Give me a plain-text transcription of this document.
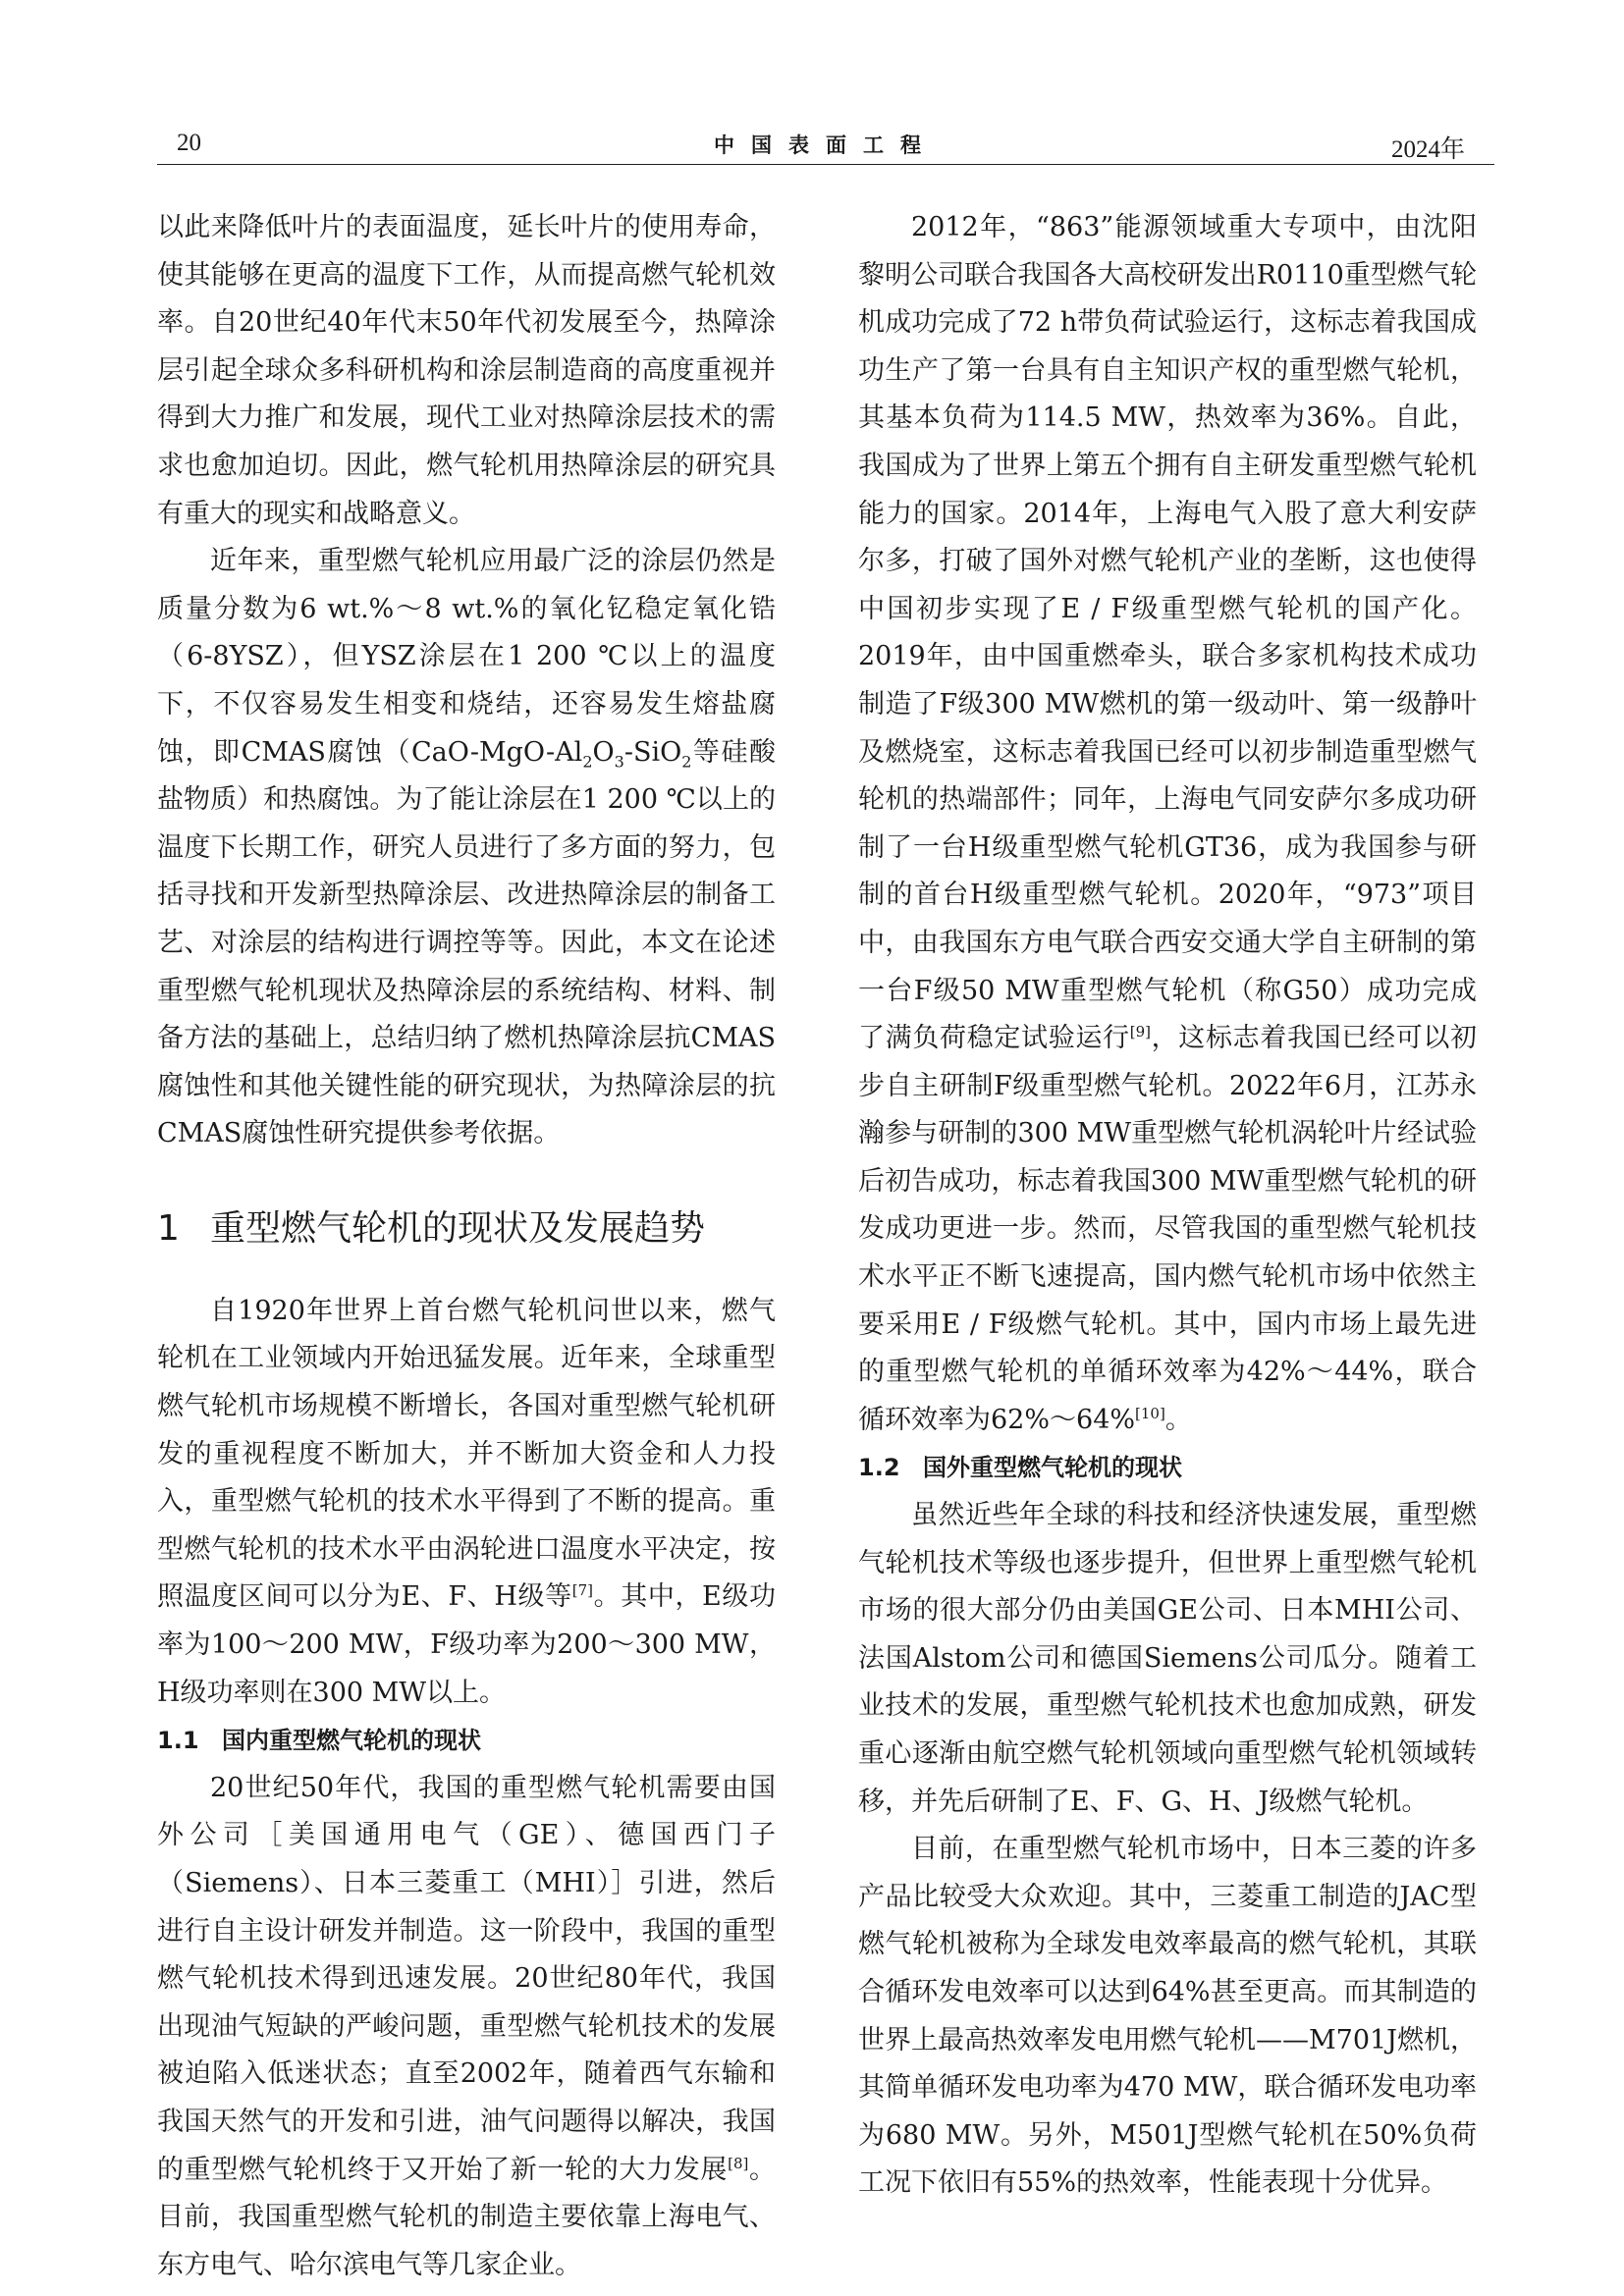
20	中国表面工程	2024年

以此来降低叶片的表面温度，延长叶片的使用寿命，使其能够在更高的温度下工作，从而提高燃气轮机效率。自20世纪40年代末50年代初发展至今，热障涂层引起全球众多科研机构和涂层制造商的高度重视并得到大力推广和发展，现代工业对热障涂层技术的需求也愈加迫切。因此，燃气轮机用热障涂层的研究具有重大的现实和战略意义。

近年来，重型燃气轮机应用最广泛的涂层仍然是质量分数为6 wt.%～8 wt.%的氧化钇稳定氧化锆（6-8YSZ），但YSZ涂层在1 200 ℃以上的温度下，不仅容易发生相变和烧结，还容易发生熔盐腐蚀，即CMAS腐蚀（$CaO-MgO-Al_2O_3-SiO_2$等硅酸盐物质）和热腐蚀。为了能让涂层在1 200 ℃以上的温度下长期工作，研究人员进行了多方面的努力，包括寻找和开发新型热障涂层、改进热障涂层的制备工艺、对涂层的结构进行调控等等。因此，本文在论述重型燃气轮机现状及热障涂层的系统结构、材料、制备方法的基础上，总结归纳了燃机热障涂层抗CMAS腐蚀性和其他关键性能的研究现状，为热障涂层的抗CMAS腐蚀性研究提供参考依据。

1 重型燃气轮机的现状及发展趋势

自1920年世界上首台燃气轮机问世以来，燃气轮机在工业领域内开始迅猛发展。近年来，全球重型燃气轮机市场规模不断增长，各国对重型燃气轮机研发的重视程度不断加大，并不断加大资金和人力投入，重型燃气轮机的技术水平得到了不断的提高。重型燃气轮机的技术水平由涡轮进口温度水平决定，按照温度区间可以分为E、F、H级等[7]。其中，E级功率为100～200 MW，F级功率为200～300 MW，H级功率则在300 MW以上。

1.1 国内重型燃气轮机的现状

20世纪50年代，我国的重型燃气轮机需要由国外公司［美国通用电气（GE）、德国西门子（Siemens）、日本三菱重工（MHI）］引进，然后进行自主设计研发并制造。这一阶段中，我国的重型燃气轮机技术得到迅速发展。20世纪80年代，我国出现油气短缺的严峻问题，重型燃气轮机技术的发展被迫陷入低迷状态；直至2002年，随着西气东输和我国天然气的开发和引进，油气问题得以解决，我国的重型燃气轮机终于又开始了新一轮的大力发展[8]。目前，我国重型燃气轮机的制造主要依靠上海电气、东方电气、哈尔滨电气等几家企业。

2012年，“863”能源领域重大专项中，由沈阳黎明公司联合我国各大高校研发出R0110重型燃气轮机成功完成了72 h带负荷试验运行，这标志着我国成功生产了第一台具有自主知识产权的重型燃气轮机，其基本负荷为114.5 MW，热效率为36%。自此，我国成为了世界上第五个拥有自主研发重型燃气轮机能力的国家。2014年，上海电气入股了意大利安萨尔多，打破了国外对燃气轮机产业的垄断，这也使得中国初步实现了E / F级重型燃气轮机的国产化。2019年，由中国重燃牵头，联合多家机构技术成功制造了F级300 MW燃机的第一级动叶、第一级静叶及燃烧室，这标志着我国已经可以初步制造重型燃气轮机的热端部件；同年，上海电气同安萨尔多成功研制了一台H级重型燃气轮机GT36，成为我国参与研制的首台H级重型燃气轮机。2020年，“973”项目中，由我国东方电气联合西安交通大学自主研制的第一台F级50 MW重型燃气轮机（称G50）成功完成了满负荷稳定试验运行[9]，这标志着我国已经可以初步自主研制F级重型燃气轮机。2022年6月，江苏永瀚参与研制的300 MW重型燃气轮机涡轮叶片经试验后初告成功，标志着我国300 MW重型燃气轮机的研发成功更进一步。然而，尽管我国的重型燃气轮机技术水平正不断飞速提高，国内燃气轮机市场中依然主要采用E / F级燃气轮机。其中，国内市场上最先进的重型燃气轮机的单循环效率为42%～44%，联合循环效率为62%～64%[10]。

1.2 国外重型燃气轮机的现状

虽然近些年全球的科技和经济快速发展，重型燃气轮机技术等级也逐步提升，但世界上重型燃气轮机市场的很大部分仍由美国GE公司、日本MHI公司、法国Alstom公司和德国Siemens公司瓜分。随着工业技术的发展，重型燃气轮机技术也愈加成熟，研发重心逐渐由航空燃气轮机领域向重型燃气轮机领域转移，并先后研制了E、F、G、H、J级燃气轮机。

目前，在重型燃气轮机市场中，日本三菱的许多产品比较受大众欢迎。其中，三菱重工制造的JAC型燃气轮机被称为全球发电效率最高的燃气轮机，其联合循环发电效率可以达到64%甚至更高。而其制造的世界上最高热效率发电用燃气轮机——M701J燃机，其简单循环发电功率为470 MW，联合循环发电功率为680 MW。另外，M501J型燃气轮机在50%负荷工况下依旧有55%的热效率，性能表现十分优异。
